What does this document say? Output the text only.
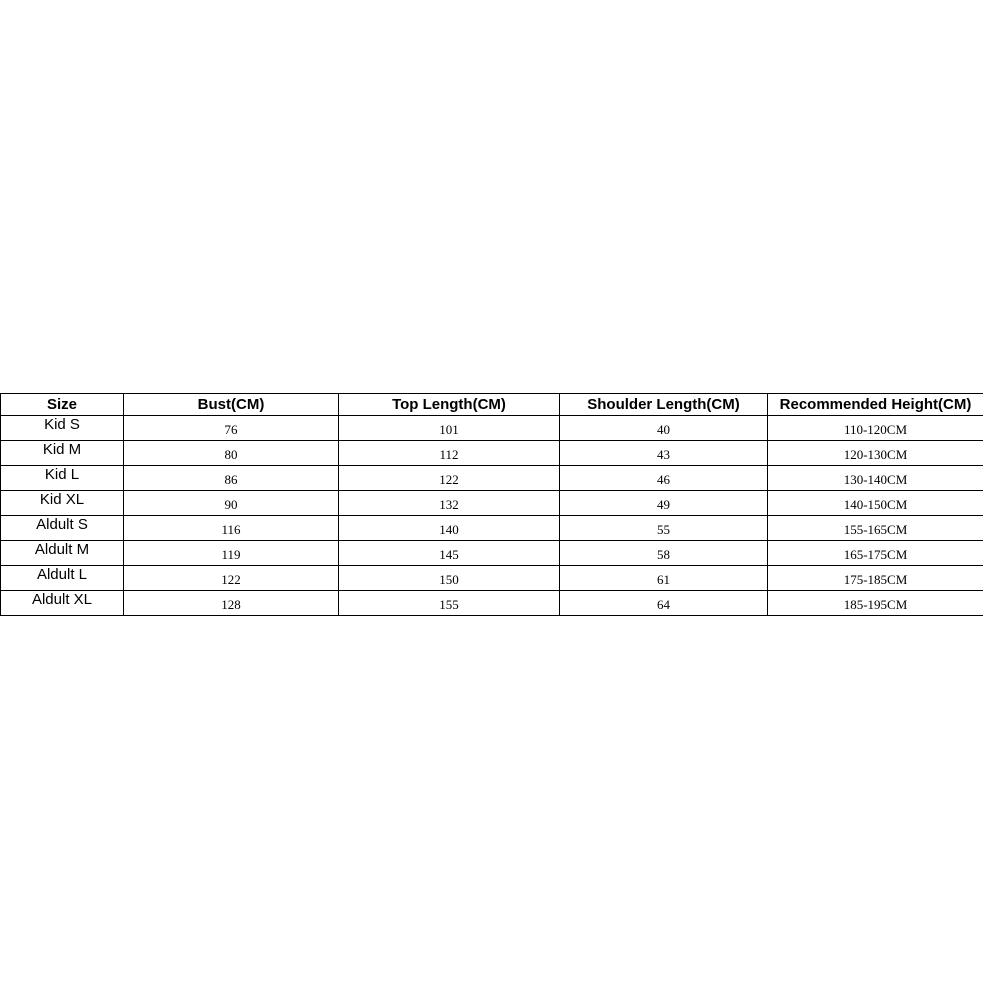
Size	Bust(CM)	Top Length(CM)	Shoulder Length(CM)	Recommended Height(CM)
Kid S	76	101	40	110-120CM
Kid M	80	112	43	120-130CM
Kid L	86	122	46	130-140CM
Kid XL	90	132	49	140-150CM
Aldult S	116	140	55	155-165CM
Aldult M	119	145	58	165-175CM
Aldult L	122	150	61	175-185CM
Aldult XL	128	155	64	185-195CM
